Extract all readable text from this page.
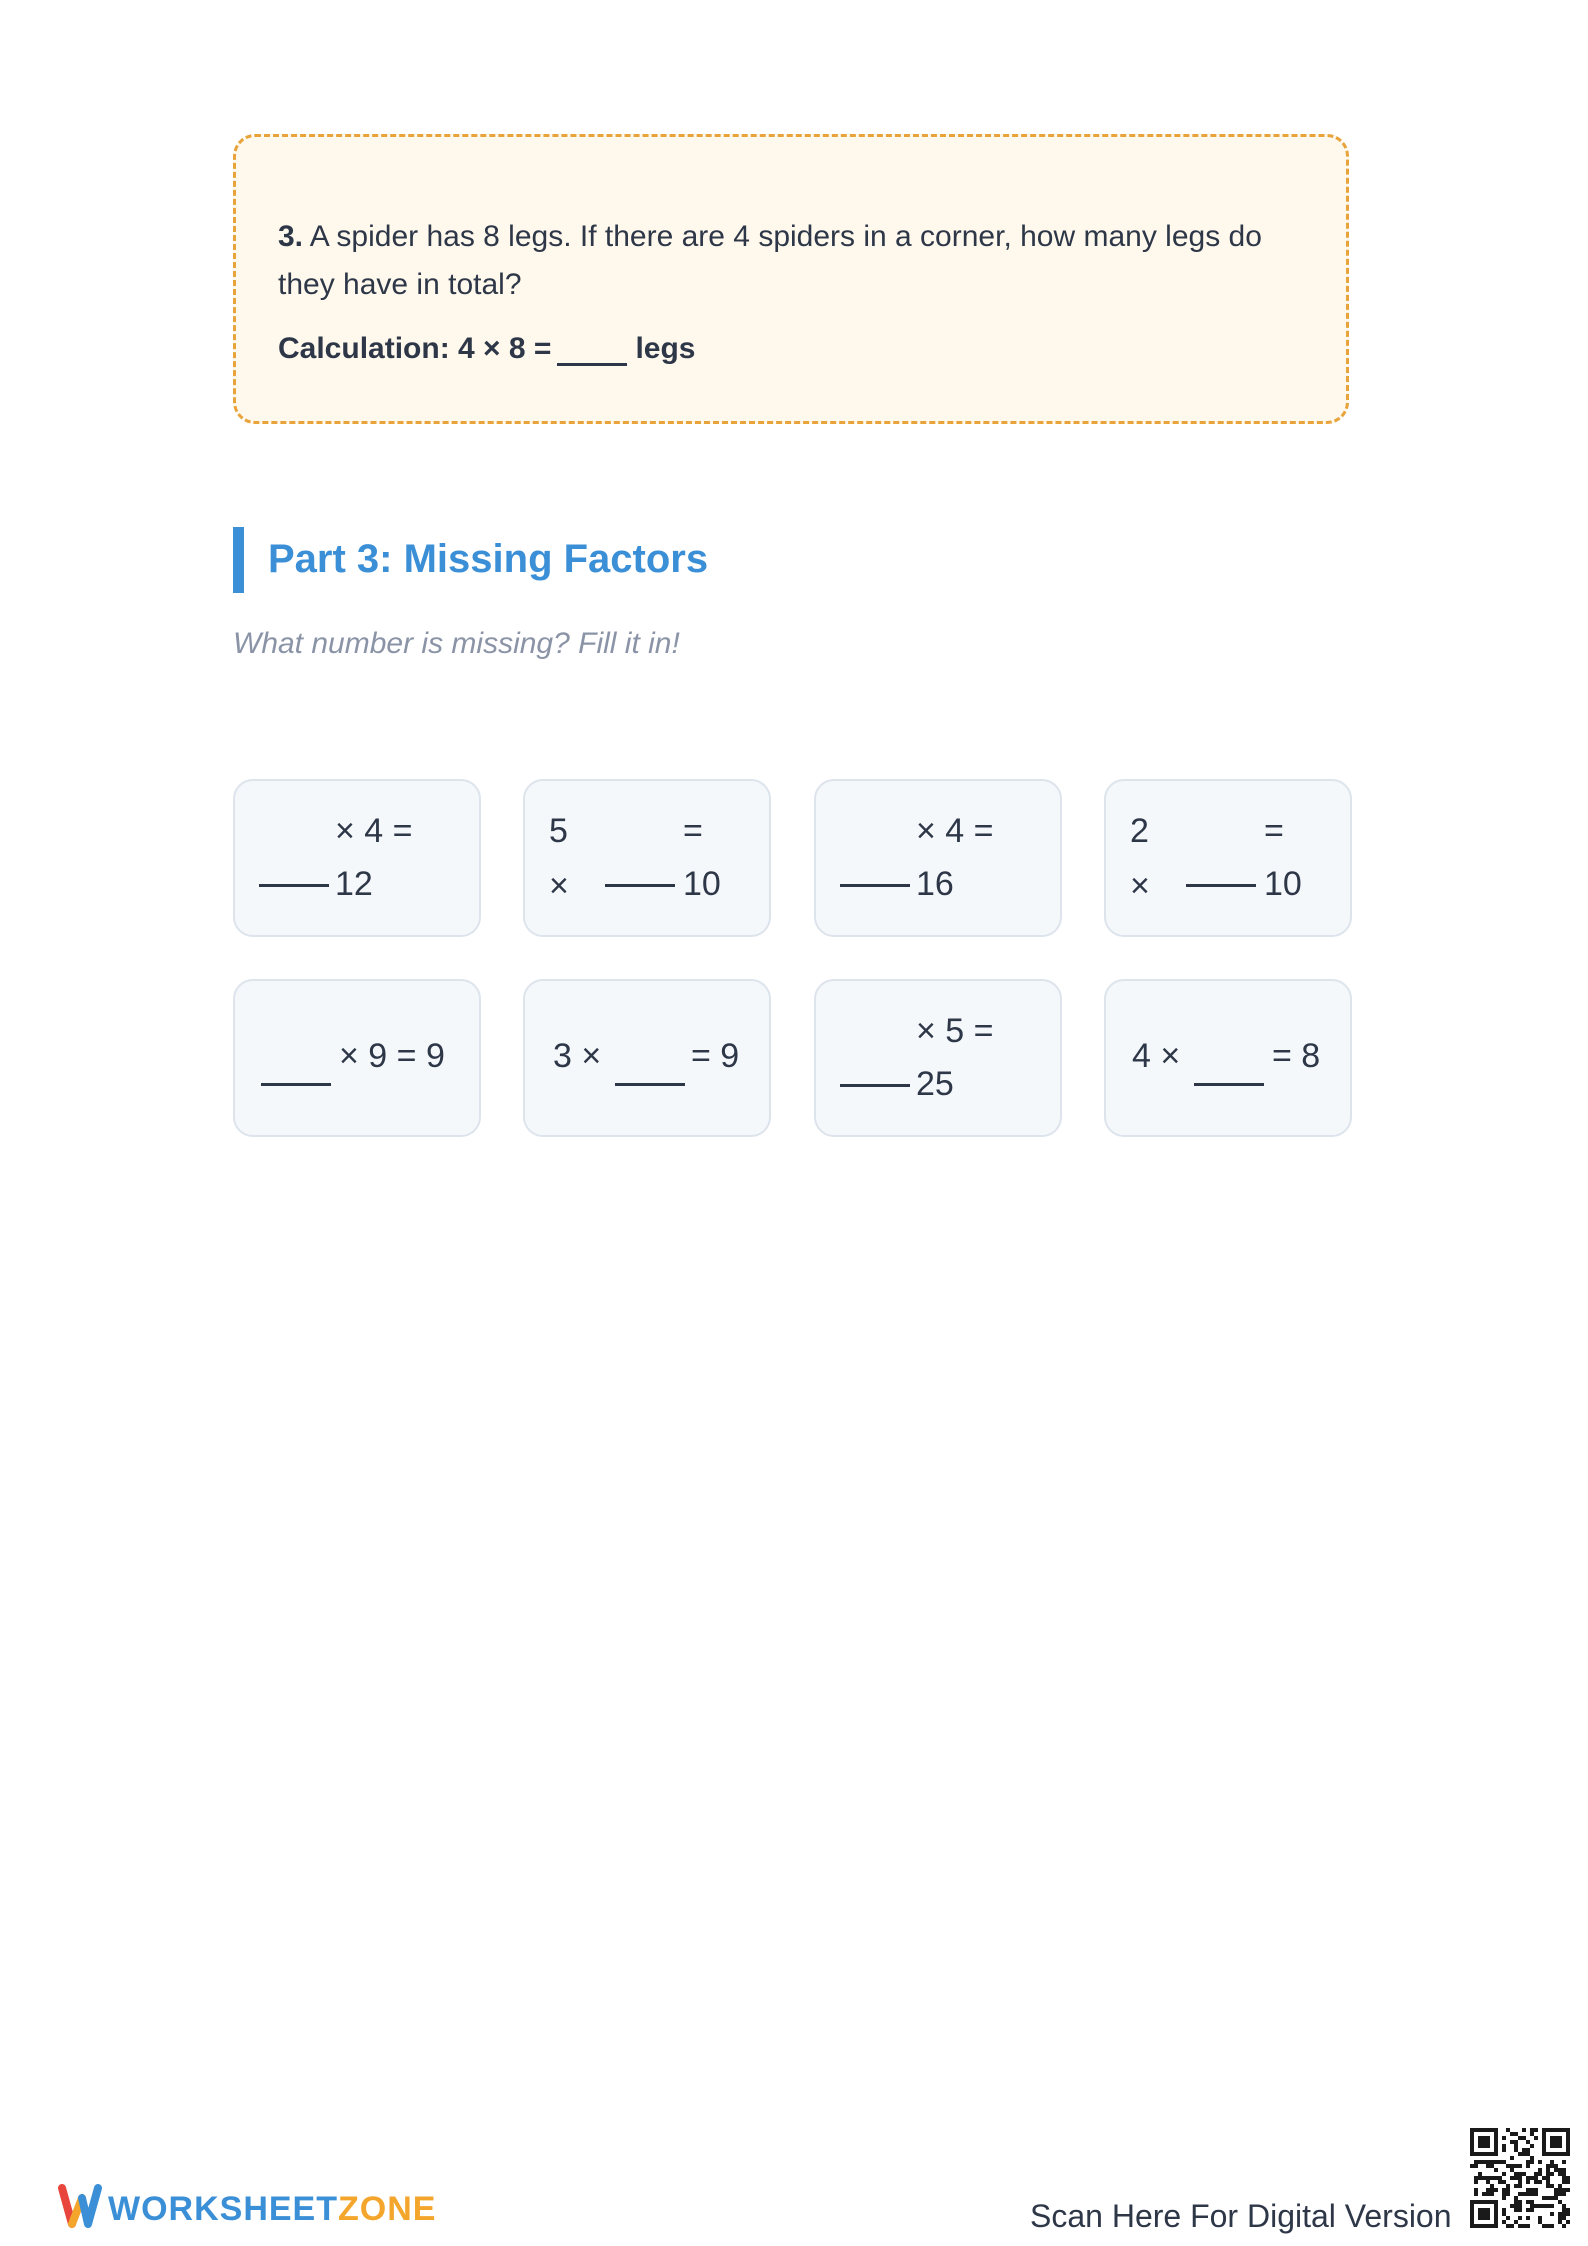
3. A spider has 8 legs. If there are 4 spiders in a corner, how many legs do they have in total?

Calculation: 4 × 8 =	legs
Part 3: Missing Factors

What number is missing? Fill it in!

× 4 =
12
5	=
×	10
× 4 =
16
2	=
×	10
× 9 = 9	3 ×	= 9
× 5 =
25
4 ×	= 8
WORKSHEETZONE	Scan Here For Digital Version
